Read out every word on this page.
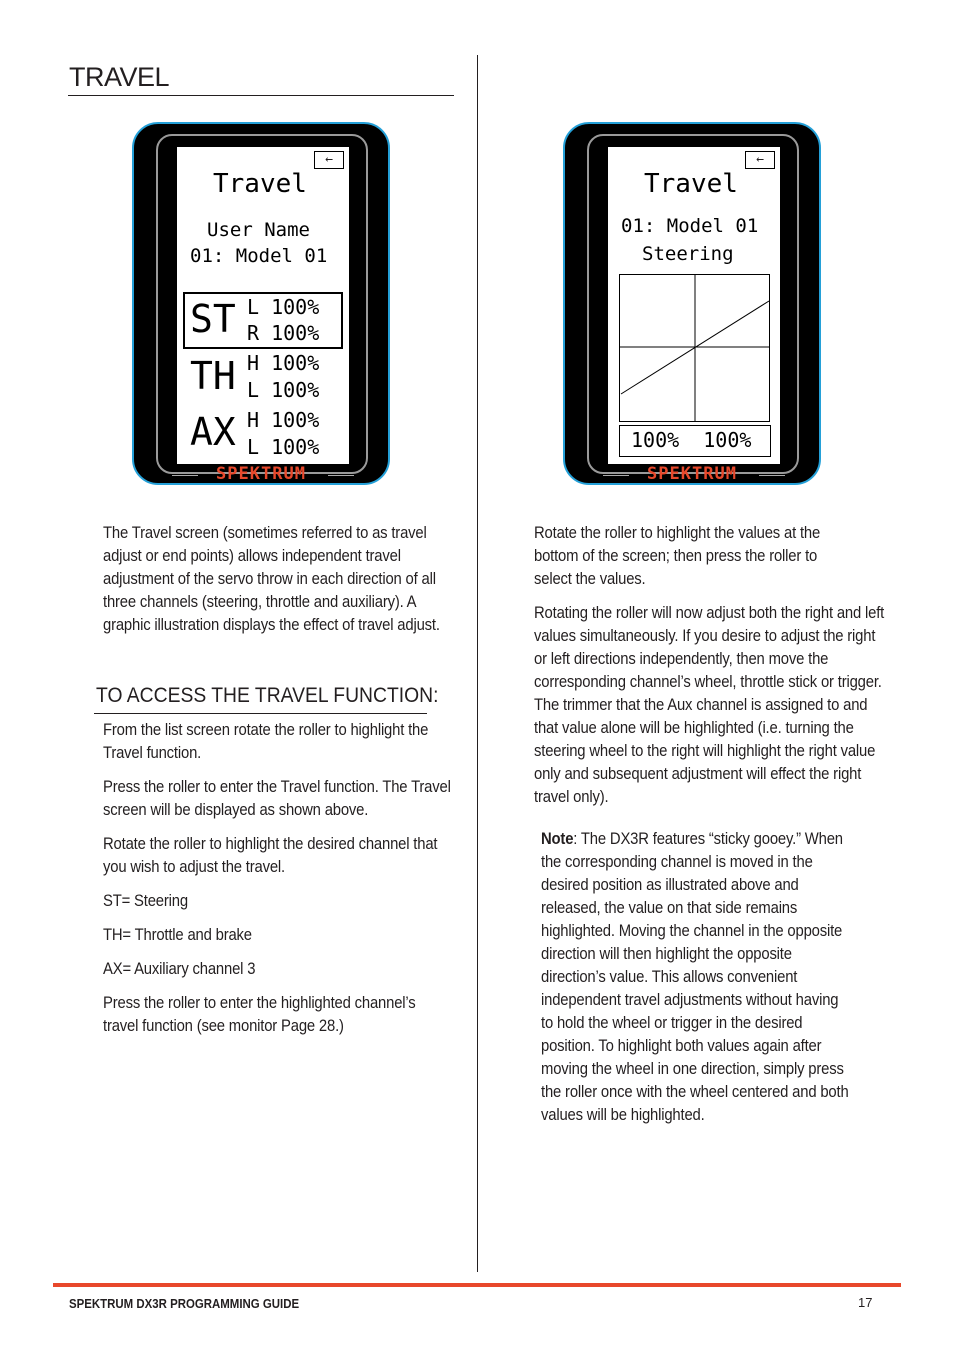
TRAVEL
←
Travel
User Name
01: Model 01
ST L 100%
R 100%
TH H 100%
L 100%
AX H 100%
L 100%
SPEKTRUM
←
Travel
01: Model 01
Steering
100%  100%
SPEKTRUM

The Travel screen (sometimes referred to as travel adjust or end points) allows independent travel adjustment of the servo throw in each direction of all three channels (steering, throttle and auxiliary). A graphic illustration displays the effect of travel adjust.

TO ACCESS THE TRAVEL FUNCTION:

From the list screen rotate the roller to highlight the Travel function.

Press the roller to enter the Travel function. The Travel screen will be displayed as shown above.

Rotate the roller to highlight the desired channel that you wish to adjust the travel.

ST= Steering

TH= Throttle and brake

AX= Auxiliary channel 3

Press the roller to enter the highlighted channel’s travel function (see monitor Page 28.)

Rotate the roller to highlight the values at the bottom of the screen; then press the roller to select the values.

Rotating the roller will now adjust both the right and left values simultaneously. If you desire to adjust the right or left directions independently, then move the corresponding channel’s wheel, throttle stick or trigger. The trimmer that the Aux channel is assigned to and that value alone will be highlighted (i.e. turning the steering wheel to the right will highlight the right value only and subsequent adjustment will effect the right travel only).

Note: The DX3R features “sticky gooey.” When the corresponding channel is moved in the desired position as illustrated above and released, the value on that side remains highlighted. Moving the channel in the opposite direction will then highlight the opposite direction’s value. This allows convenient independent travel adjustments without having to hold the wheel or trigger in the desired position. To highlight both values again after moving the wheel in one direction, simply press the roller once with the wheel centered and both values will be highlighted.

SPEKTRUM DX3R PROGRAMMING GUIDE	17
